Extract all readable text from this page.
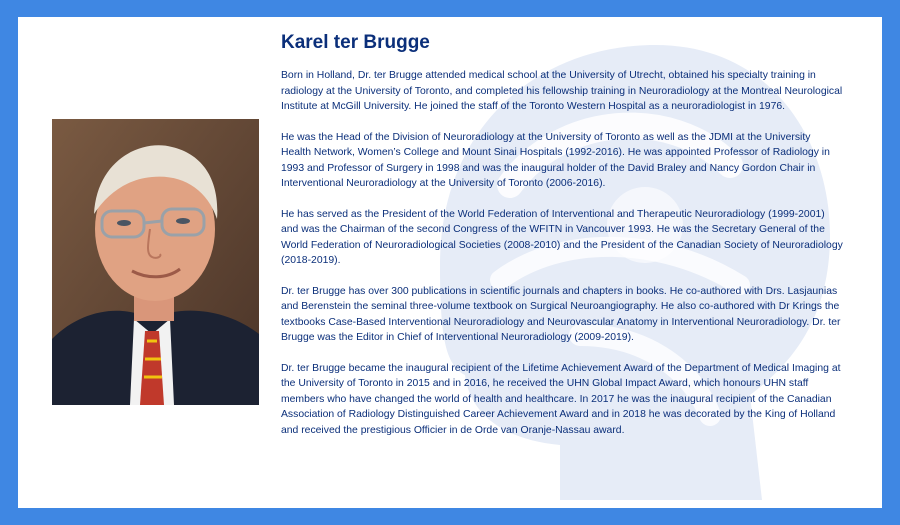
Karel ter Brugge

Born in Holland, Dr. ter Brugge attended medical school at the University of Utrecht, obtained his specialty training in radiology at the University of Toronto, and completed his fellowship training in Neuroradiology at the Montreal Neurological Institute at McGill University. He joined the staff of the Toronto Western Hospital as a neuroradiologist in 1976.

He was the Head of the Division of Neuroradiology at the University of Toronto as well as the JDMI at the University Health Network, Women’s College and Mount Sinai Hospitals (1992-2016). He was appointed Professor of Radiology in 1993 and Professor of Surgery in 1998 and was the inaugural holder of the David Braley and Nancy Gordon Chair in Interventional Neuroradiology at the University of Toronto (2006-2016).

He has served as the President of the World Federation of Interventional and Therapeutic Neuroradiology (1999-2001) and was the Chairman of the second Congress of the WFITN in Vancouver 1993. He was the Secretary General of the World Federation of Neuroradiological Societies (2008-2010) and the President of the Canadian Society of Neuroradiology (2018-2019).

Dr. ter Brugge has over 300 publications in scientific journals and chapters in books. He co-authored with Drs. Lasjaunias and Berenstein the seminal three-volume textbook on Surgical Neuroangiography. He also co-authored with Dr Krings the textbooks Case-Based Interventional Neuroradiology and Neurovascular Anatomy in Interventional Neuroradiology. Dr. ter Brugge was the Editor in Chief of Interventional Neuroradiology (2009-2019).

Dr. ter Brugge became the inaugural recipient of the Lifetime Achievement Award of the Department of Medical Imaging at the University of Toronto in 2015 and in 2016, he received the UHN Global Impact Award, which honours UHN staff members who have changed the world of health and healthcare. In 2017 he was the inaugural recipient of the Canadian Association of Radiology Distinguished Career Achievement Award and in 2018 he was decorated by the King of Holland and received the prestigious Officier in de Orde van Oranje-Nassau award.
